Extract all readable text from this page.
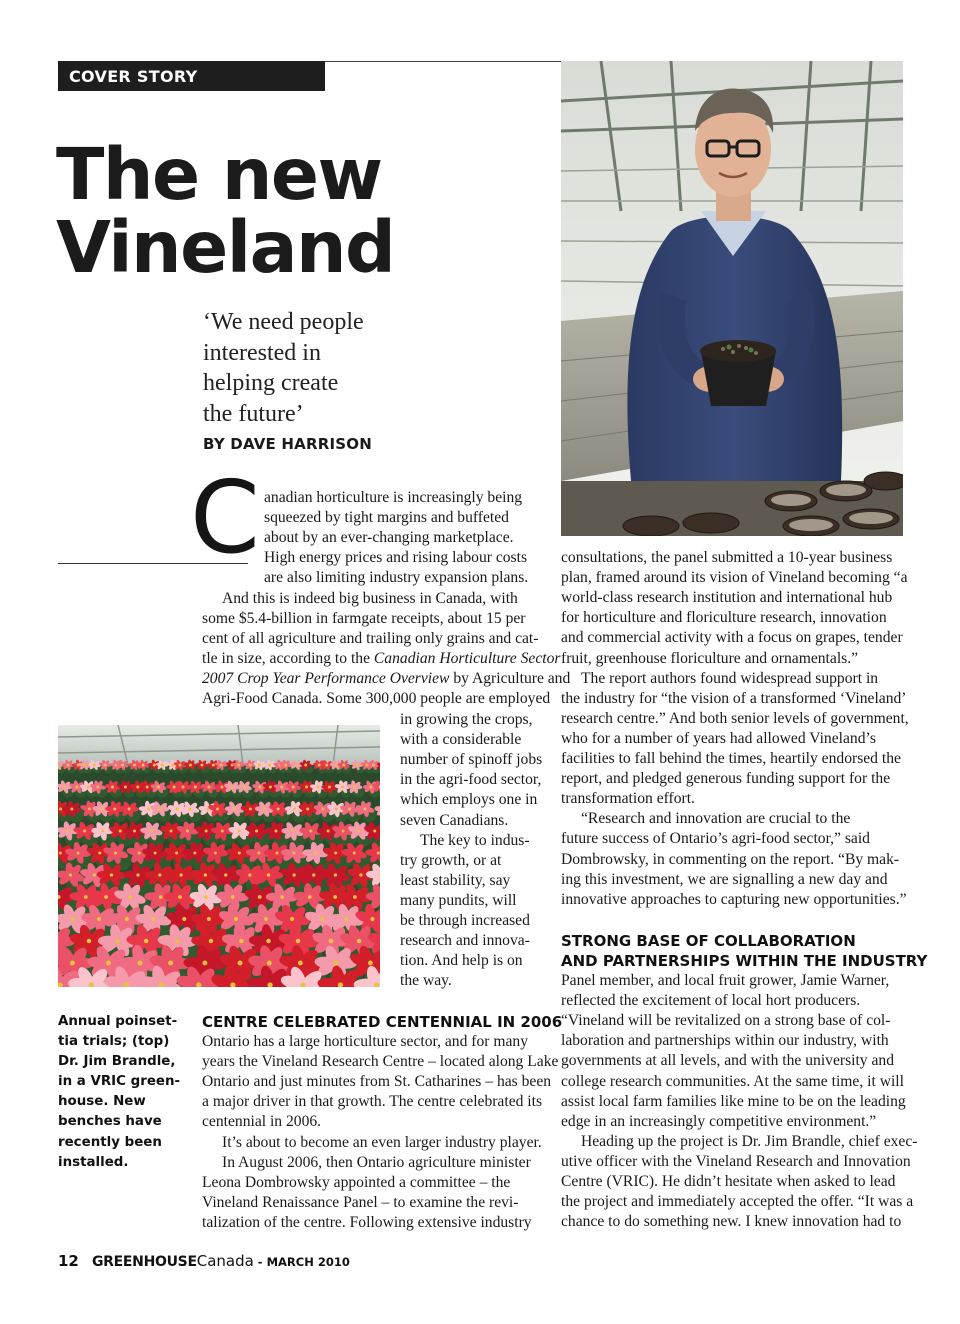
COVER STORY
The new
Vineland
‘We need people
interested in
helping create
the future’
BY DAVE HARRISON
C anadian horticulture is increasingly being
squeezed by tight margins and buffeted
about by an ever-changing marketplace.
High energy prices and rising labour costs
are also limiting industry expansion plans.
And this is indeed big business in Canada, with
some $5.4-billion in farmgate receipts, about 15 per
cent of all agriculture and trailing only grains and cat-
tle in size, according to the Canadian Horticulture Sector
2007 Crop Year Performance Overview by Agriculture and
Agri-Food Canada. Some 300,000 people are employed
in growing the crops,
with a considerable
number of spinoff jobs
in the agri-food sector,
which employs one in
seven Canadians.
The key to indus-
try growth, or at
least stability, say
many pundits, will
be through increased
research and innova-
tion. And help is on
the way.
CENTRE CELEBRATED CENTENNIAL IN 2006
Ontario has a large horticulture sector, and for many
years the Vineland Research Centre – located along Lake
Ontario and just minutes from St. Catharines – has been
a major driver in that growth. The centre celebrated its
centennial in 2006.
It’s about to become an even larger industry player.
In August 2006, then Ontario agriculture minister
Leona Dombrowsky appointed a committee – the
Vineland Renaissance Panel – to examine the revi-
talization of the centre. Following extensive industry
consultations, the panel submitted a 10-year business
plan, framed around its vision of Vineland becoming “a
world-class research institution and international hub
for horticulture and floriculture research, innovation
and commercial activity with a focus on grapes, tender
fruit, greenhouse floriculture and ornamentals.”
The report authors found widespread support in
the industry for “the vision of a transformed ‘Vineland’
research centre.” And both senior levels of government,
who for a number of years had allowed Vineland’s
facilities to fall behind the times, heartily endorsed the
report, and pledged generous funding support for the
transformation effort.
“Research and innovation are crucial to the
future success of Ontario’s agri-food sector,” said
Dombrowsky, in commenting on the report. “By mak-
ing this investment, we are signalling a new day and
innovative approaches to capturing new opportunities.”
STRONG BASE OF COLLABORATION
AND PARTNERSHIPS WITHIN THE INDUSTRY
Panel member, and local fruit grower, Jamie Warner,
reflected the excitement of local hort producers.
“Vineland will be revitalized on a strong base of col-
laboration and partnerships within our industry, with
governments at all levels, and with the university and
college research communities. At the same time, it will
assist local farm families like mine to be on the leading
edge in an increasingly competitive environment.”
Heading up the project is Dr. Jim Brandle, chief exec-
utive officer with the Vineland Research and Innovation
Centre (VRIC). He didn’t hesitate when asked to lead
the project and immediately accepted the offer. “It was a
chance to do something new. I knew innovation had to
Annual poinset-
tia trials; (top)
Dr. Jim Brandle,
in a VRIC green-
house. New
benches have
recently been
installed.
12 GREENHOUSECanada - MARCH 2010
